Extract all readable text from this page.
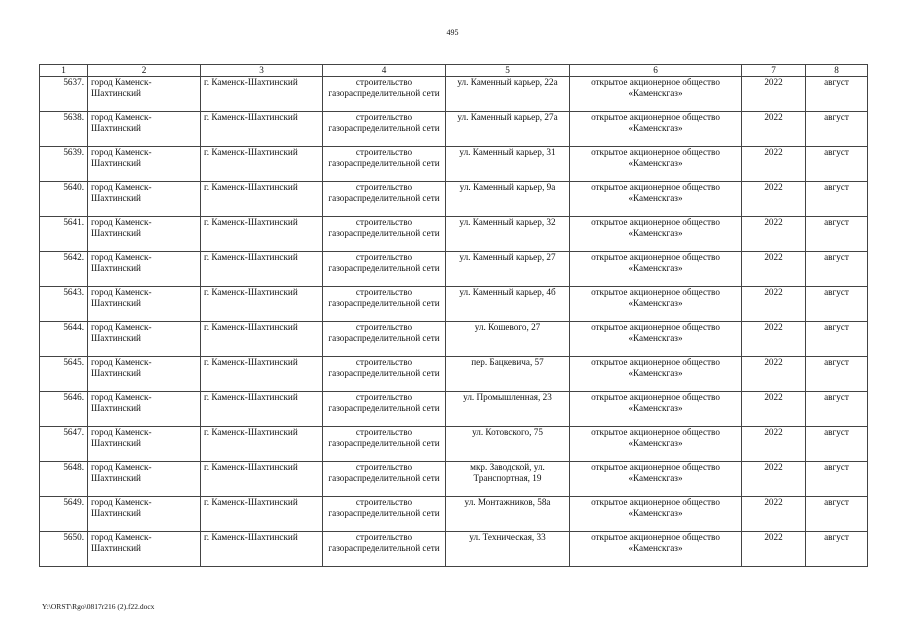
495
1	2	3	4	5	6	7	8
5637.	город Каменск-Шахтинский	г. Каменск-Шахтинский	строительство газораспределительной сети	ул. Каменный карьер, 22а	открытое акционерное общество «Каменскгаз»	2022	август
5638.	город Каменск-Шахтинский	г. Каменск-Шахтинский	строительство газораспределительной сети	ул. Каменный карьер, 27а	открытое акционерное общество «Каменскгаз»	2022	август
5639.	город Каменск-Шахтинский	г. Каменск-Шахтинский	строительство газораспределительной сети	ул. Каменный карьер, 31	открытое акционерное общество «Каменскгаз»	2022	август
5640.	город Каменск-Шахтинский	г. Каменск-Шахтинский	строительство газораспределительной сети	ул. Каменный карьер, 9а	открытое акционерное общество «Каменскгаз»	2022	август
5641.	город Каменск-Шахтинский	г. Каменск-Шахтинский	строительство газораспределительной сети	ул. Каменный карьер, 32	открытое акционерное общество «Каменскгаз»	2022	август
5642.	город Каменск-Шахтинский	г. Каменск-Шахтинский	строительство газораспределительной сети	ул. Каменный карьер, 27	открытое акционерное общество «Каменскгаз»	2022	август
5643.	город Каменск-Шахтинский	г. Каменск-Шахтинский	строительство газораспределительной сети	ул. Каменный карьер, 4б	открытое акционерное общество «Каменскгаз»	2022	август
5644.	город Каменск-Шахтинский	г. Каменск-Шахтинский	строительство газораспределительной сети	ул. Кошевого, 27	открытое акционерное общество «Каменскгаз»	2022	август
5645.	город Каменск-Шахтинский	г. Каменск-Шахтинский	строительство газораспределительной сети	пер. Бацкевича, 57	открытое акционерное общество «Каменскгаз»	2022	август
5646.	город Каменск-Шахтинский	г. Каменск-Шахтинский	строительство газораспределительной сети	ул. Промышленная, 23	открытое акционерное общество «Каменскгаз»	2022	август
5647.	город Каменск-Шахтинский	г. Каменск-Шахтинский	строительство газораспределительной сети	ул. Котовского, 75	открытое акционерное общество «Каменскгаз»	2022	август
5648.	город Каменск-Шахтинский	г. Каменск-Шахтинский	строительство газораспределительной сети	мкр. Заводской, ул. Транспортная, 19	открытое акционерное общество «Каменскгаз»	2022	август
5649.	город Каменск-Шахтинский	г. Каменск-Шахтинский	строительство газораспределительной сети	ул. Монтажников, 58а	открытое акционерное общество «Каменскгаз»	2022	август
5650.	город Каменск-Шахтинский	г. Каменск-Шахтинский	строительство газораспределительной сети	ул. Техническая, 33	открытое акционерное общество «Каменскгаз»	2022	август
Y:\ORST\Rgo\0817r216 (2).f22.docx
